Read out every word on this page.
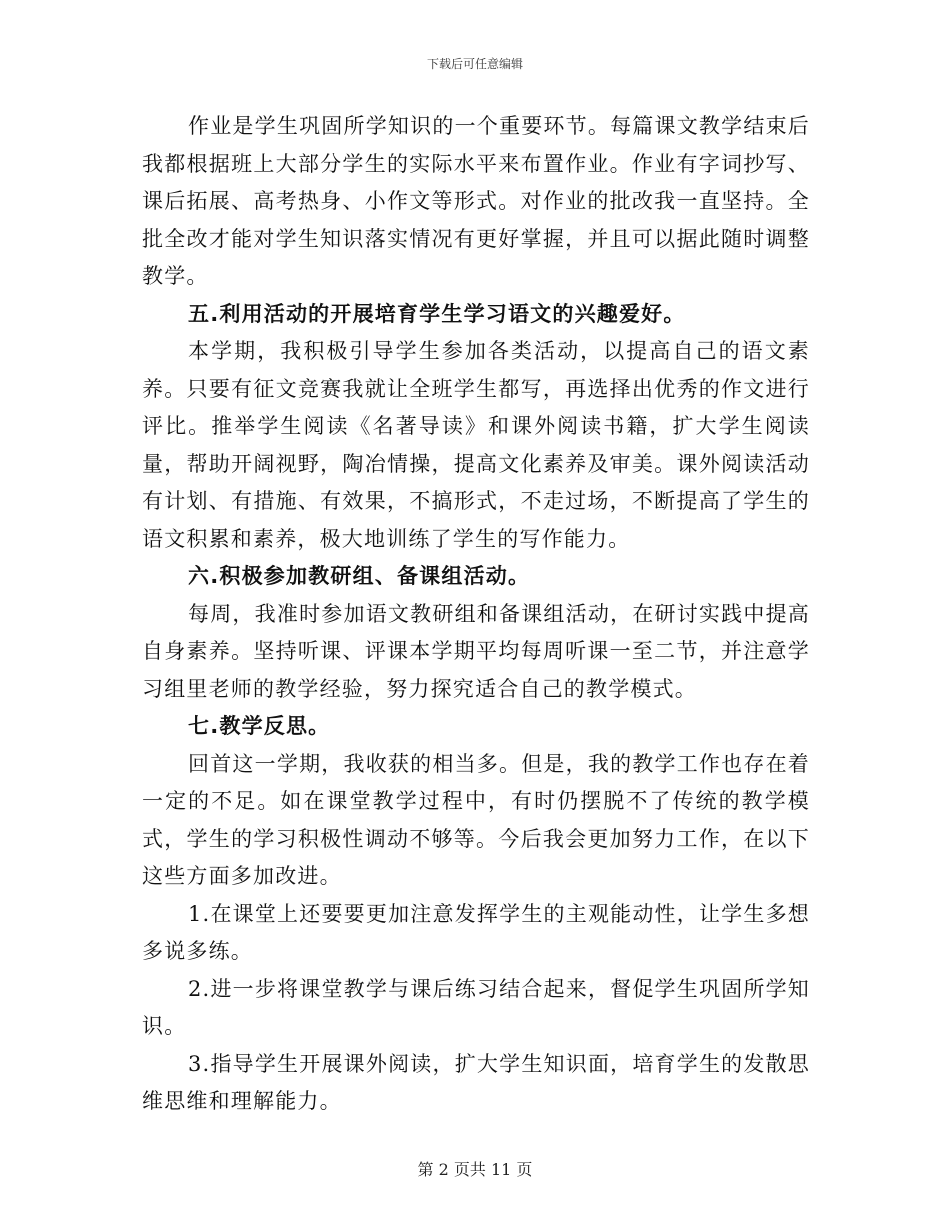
下载后可任意编辑

作业是学生巩固所学知识的一个重要环节。每篇课文教学结束后我都根据班上大部分学生的实际水平来布置作业。作业有字词抄写、课后拓展、高考热身、小作文等形式。对作业的批改我一直坚持。全批全改才能对学生知识落实情况有更好掌握，并且可以据此随时调整教学。

五.利用活动的开展培育学生学习语文的兴趣爱好。

本学期，我积极引导学生参加各类活动，以提高自己的语文素养。只要有征文竞赛我就让全班学生都写，再选择出优秀的作文进行评比。推举学生阅读《名著导读》和课外阅读书籍，扩大学生阅读量，帮助开阔视野，陶冶情操，提高文化素养及审美。课外阅读活动有计划、有措施、有效果，不搞形式，不走过场，不断提高了学生的语文积累和素养，极大地训练了学生的写作能力。

六.积极参加教研组、备课组活动。

每周，我准时参加语文教研组和备课组活动，在研讨实践中提高自身素养。坚持听课、评课本学期平均每周听课一至二节，并注意学习组里老师的教学经验，努力探究适合自己的教学模式。

七.教学反思。

回首这一学期，我收获的相当多。但是，我的教学工作也存在着一定的不足。如在课堂教学过程中，有时仍摆脱不了传统的教学模式，学生的学习积极性调动不够等。今后我会更加努力工作，在以下这些方面多加改进。

1.在课堂上还要要更加注意发挥学生的主观能动性，让学生多想多说多练。

2.进一步将课堂教学与课后练习结合起来，督促学生巩固所学知识。

3.指导学生开展课外阅读，扩大学生知识面，培育学生的发散思维思维和理解能力。

第 2 页共 11 页
